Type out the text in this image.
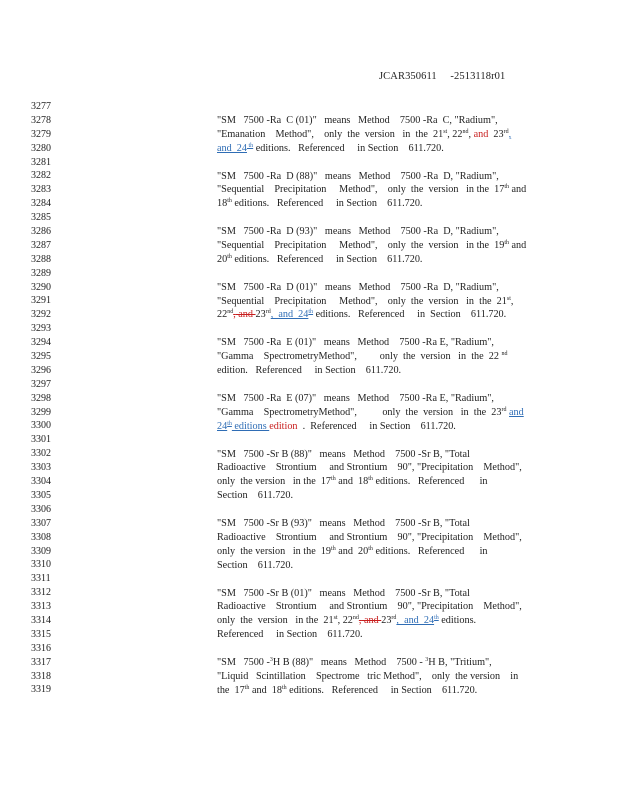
JCAR350611 -2513118r01
3277
3278
3279
3280
3281
3282
3283
3284
3285
3286
3287
3288
3289
3290
3291
3292
3293
3294
3295
3296
3297
3298
3299
3300
3301
3302
3303
3304
3305
3306
3307
3308
3309
3310
3311
3312
3313
3314
3315
3316
3317
3318
3319

"SM   7500 -Ra  C (01)"   means   Method    7500 -Ra  C, "Radium",

"Emanation    Method",    only  the  version   in  the  21st, 22nd, and  23rd,

and  24 $^{th}$ editions.   Referenced     in Section    611.720.

"SM   7500 -Ra  D (88)"   means   Method    7500 -Ra  D, "Radium",

"Sequential    Precipitation     Method",    only  the  version   in the  17th and

18th editions.   Referenced     in Section    611.720.

"SM   7500 -Ra  D (93)"   means   Method    7500 -Ra  D, "Radium",

"Sequential    Precipitation     Method",    only  the  version   in the  19th and

20th editions.   Referenced     in Section    611.720.

"SM   7500 -Ra  D (01)"   means   Method    7500 -Ra  D, "Radium",

"Sequential    Precipitation     Method",    only  the  version   in  the  21st,

22nd, and 23rd,  and  24th editions.   Referenced     in  Section    611.720.

"SM   7500 -Ra  E (01)"   means   Method    7500 -Ra E, "Radium",

"Gamma    SpectrometryMethod",         only  the  version   in  the  22 $^{nd}$

edition.   Referenced     in Section    611.720.

"SM   7500 -Ra  E (07)"   means   Method    7500 -Ra E, "Radium",

"Gamma    SpectrometryMethod",          only  the  version   in  the  23rd and

24th editions edition  .  Referenced     in Section    611.720.

"SM   7500 -Sr B (88)"   means   Method    7500 -Sr B, "Total

Radioactive    Strontium     and Strontium    90", "Precipitation    Method",

only  the version   in the  17th and  18th editions.   Referenced      in

Section    611.720.

"SM   7500 -Sr B (93)"   means   Method    7500 -Sr B, "Total

Radioactive    Strontium     and Strontium    90", "Precipitation    Method",

only  the version   in the  19th and  20th editions.   Referenced      in

Section    611.720.

"SM   7500 -Sr B (01)"   means   Method    7500 -Sr B, "Total

Radioactive    Strontium     and Strontium    90", "Precipitation    Method",

only  the  version   in the  21st, 22nd, and 23rd,  and  24th editions.

Referenced     in Section    611.720.

"SM   7500 -$^3$H B (88)"   means   Method    7500 - $^3$H B, "Tritium",

"Liquid   Scintillation    Spectrome   tric Method",    only  the version    in

the  17th and  18th editions.   Referenced     in Section    611.720.
